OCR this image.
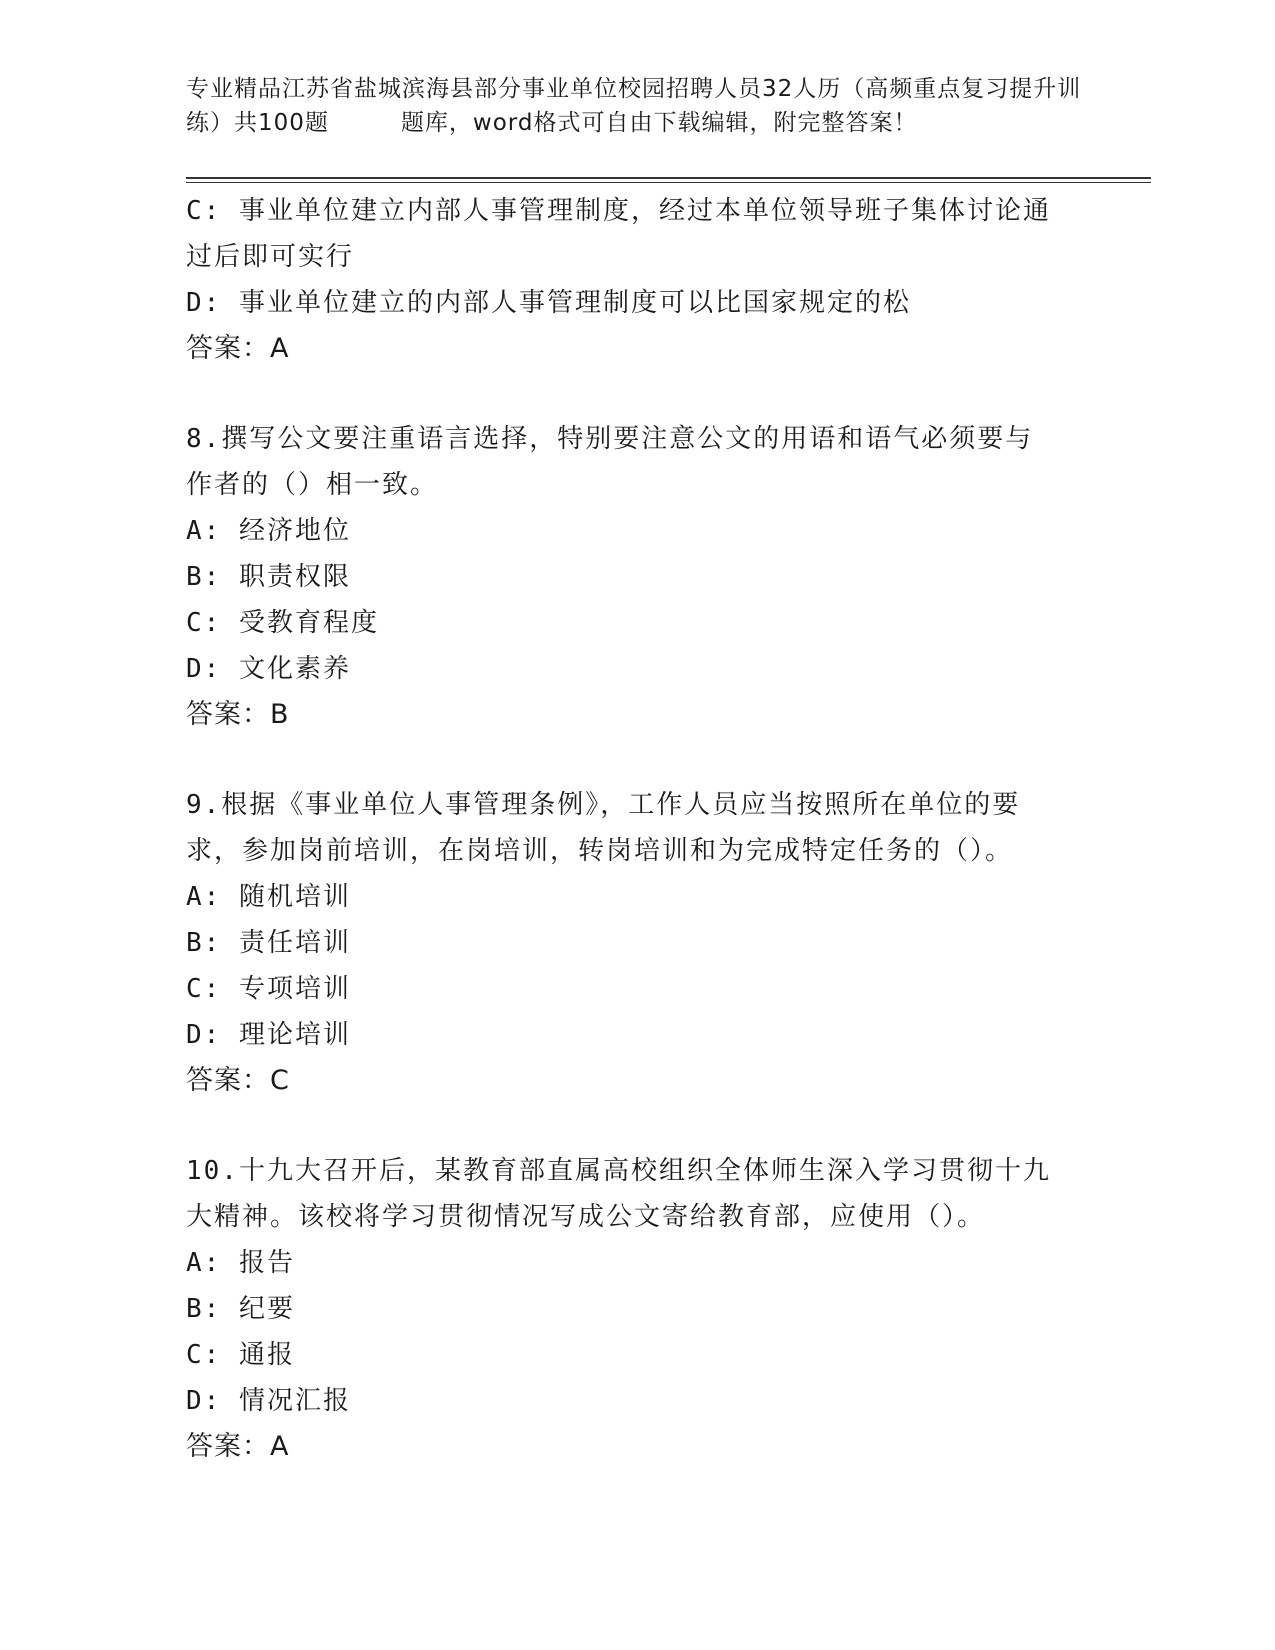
专业精品江苏省盐城滨海县部分事业单位校园招聘人员32人历（高频重点复习提升训练）共100题	题库，word格式可自由下载编辑，附完整答案！
C: 事业单位建立内部人事管理制度，经过本单位领导班子集体讨论通
过后即可实行
D: 事业单位建立的内部人事管理制度可以比国家规定的松
答案：A
8.撰写公文要注重语言选择，特别要注意公文的用语和语气必须要与
作者的（）相一致。
A: 经济地位
B: 职责权限
C: 受教育程度
D: 文化素养
答案：B
9.根据《事业单位人事管理条例》，工作人员应当按照所在单位的要
求，参加岗前培训，在岗培训，转岗培训和为完成特定任务的（）。
A: 随机培训
B: 责任培训
C: 专项培训
D: 理论培训
答案：C
10.十九大召开后，某教育部直属高校组织全体师生深入学习贯彻十九
大精神。该校将学习贯彻情况写成公文寄给教育部，应使用（）。
A: 报告
B: 纪要
C: 通报
D: 情况汇报
答案：A
